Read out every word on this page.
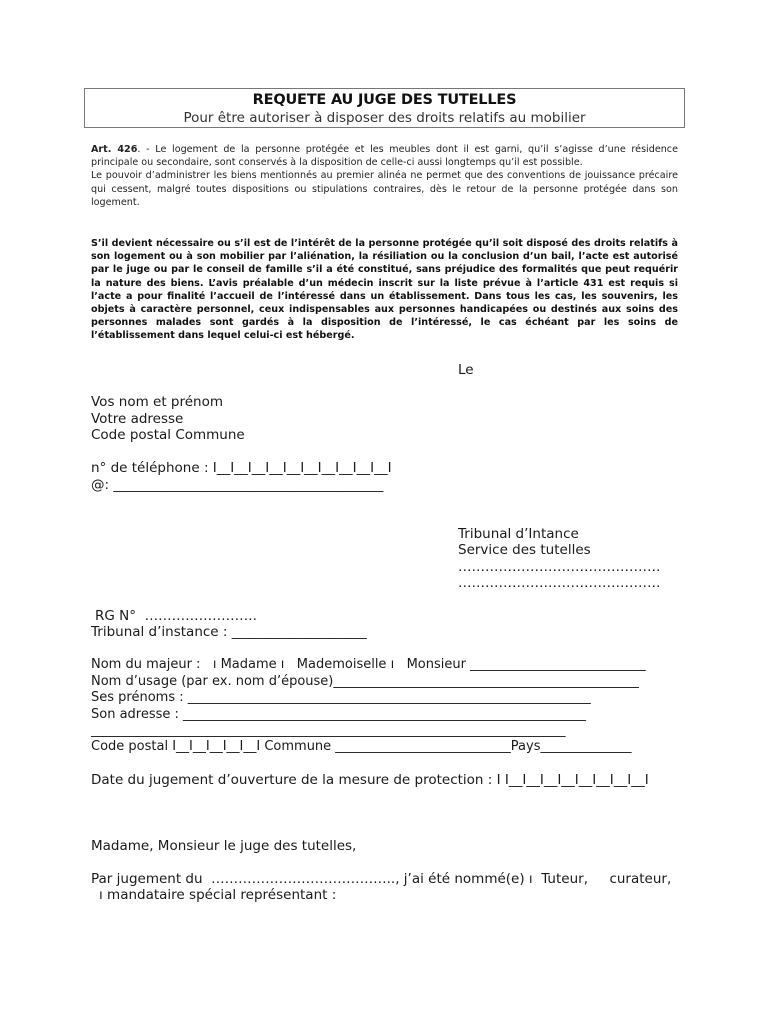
REQUETE AU JUGE DES TUTELLES
Pour être autoriser à disposer des droits relatifs au mobilier

Art. 426. - Le logement de la personne protégée et les meubles dont il est garni, qu’il s’agisse d’une résidence principale ou secondaire, sont conservés à la disposition de celle-ci aussi longtemps qu’il est possible.

Le pouvoir d’administrer les biens mentionnés au premier alinéa ne permet que des conventions de jouissance précaire qui cessent, malgré toutes dispositions ou stipulations contraires, dès le retour de la personne protégée dans son logement.

S’il devient nécessaire ou s’il est de l’intérêt de la personne protégée qu’il soit disposé des droits relatifs à son logement ou à son mobilier par l’aliénation, la résiliation ou la conclusion d’un bail, l’acte est autorisé par le juge ou par le conseil de famille s’il a été constitué, sans préjudice des formalités que peut requérir la nature des biens. L’avis préalable d’un médecin inscrit sur la liste prévue à l’article 431 est requis si l’acte a pour finalité l’accueil de l’intéressé dans un établissement. Dans tous les cas, les souvenirs, les objets à caractère personnel, ceux indispensables aux personnes handicapées ou destinés aux soins des personnes malades sont gardés à la disposition de l’intéressé, le cas échéant par les soins de l’établissement dans lequel celui-ci est hébergé.

Le
Vos nom et prénom
Votre adresse
Code postal Commune
n° de téléphone : I__I__I__I__I__I__I__I__I__I__I
@: ________________________________________
Tribunal d’Intance
Service des tutelles
………………………………………
………………………………………
RG N°  …………………….
Tribunal d’instance : ____________________
Nom du majeur :   ı Madame ı   Mademoiselle ı   Monsieur ___________________________
Nom d’usage (par ex. nom d’épouse)_______________________________________________
Ses prénoms : ______________________________________________________________
Son adresse : ______________________________________________________________
_________________________________________________________________________
Code postal I__I__I__I__I__I Commune ___________________________Pays______________
Date du jugement d’ouverture de la mesure de protection : I I__I__I__I__I__I__I__I__I
Madame, Monsieur le juge des tutelles,
Par jugement du  ………………………………….., j’ai été nommé(e) ı  Tuteur,     curateur,
ı mandataire spécial représentant :
